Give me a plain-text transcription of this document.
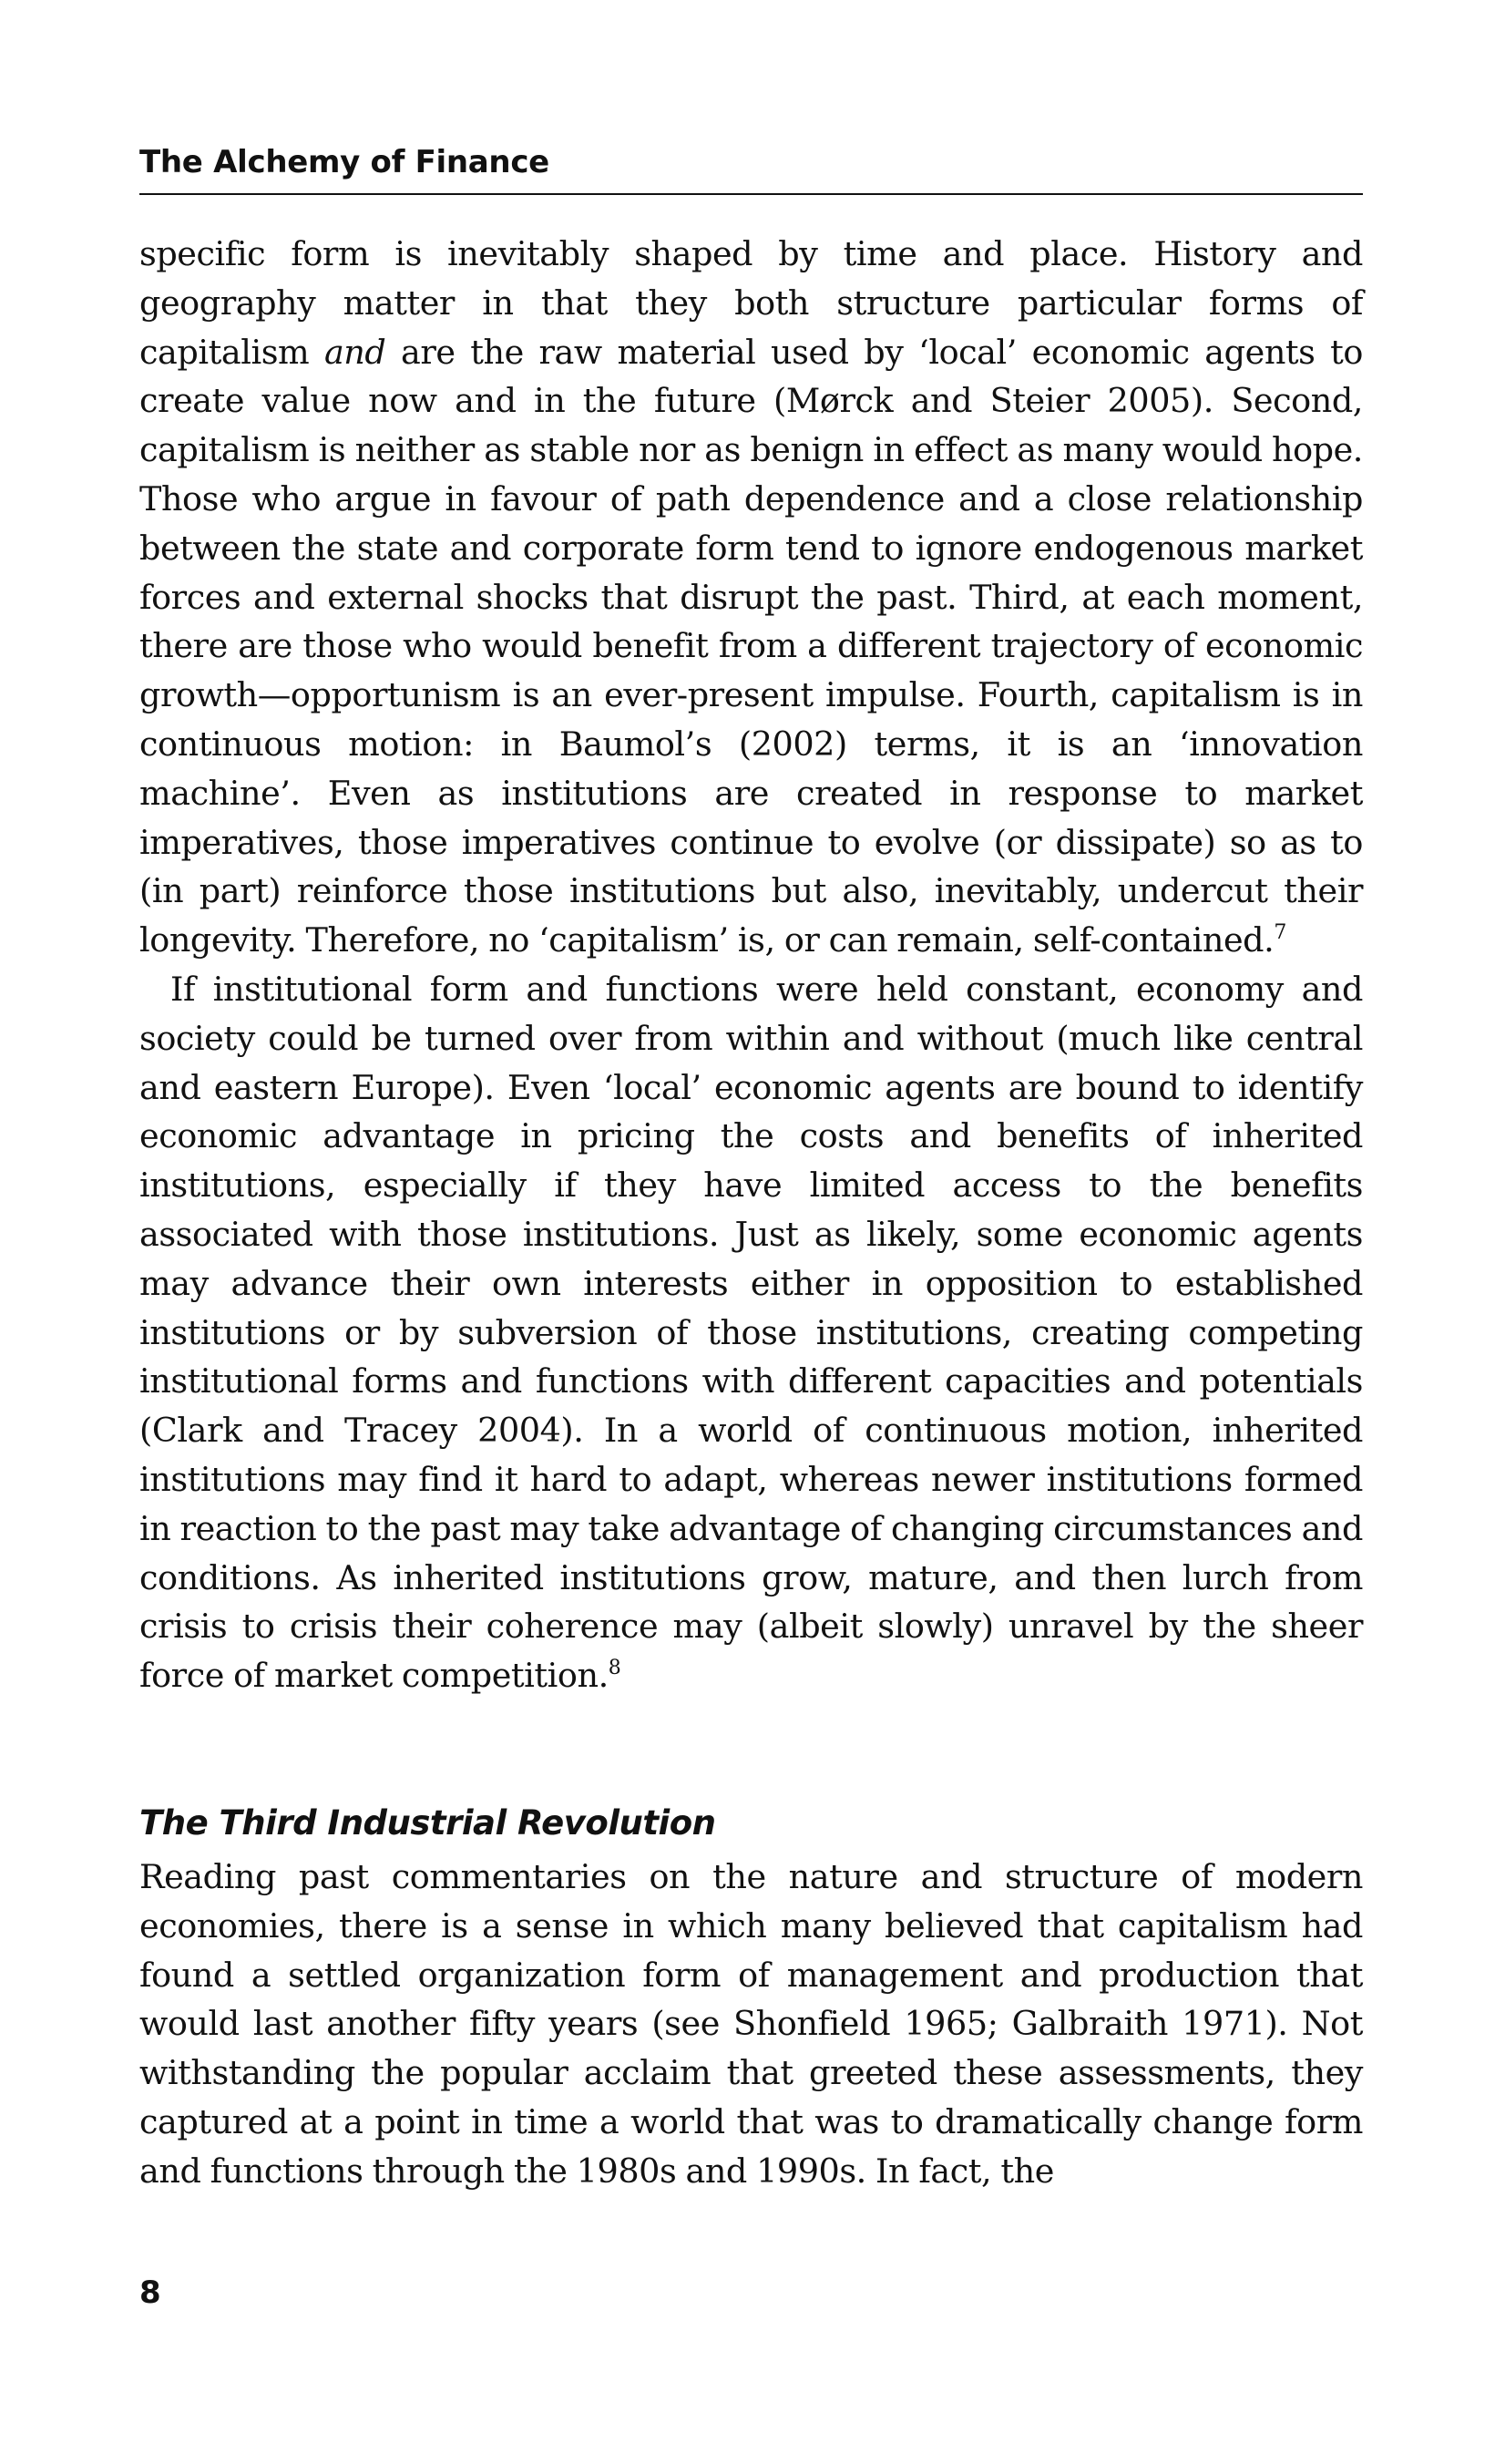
The Alchemy of Finance

specific form is inevitably shaped by time and place. History and geography matter in that they both structure particular forms of capitalism and are the raw material used by ‘local’ economic agents to create value now and in the future (Mørck and Steier 2005). Second, capitalism is neither as stable nor as benign in effect as many would hope. Those who argue in favour of path dependence and a close relationship between the state and corporate form tend to ignore endogenous market forces and external shocks that disrupt the past. Third, at each moment, there are those who would benefit from a different trajectory of economic growth—opportunism is an ever-present impulse. Fourth, capitalism is in continuous motion: in Baumol’s (2002) terms, it is an ‘innovation machine’. Even as institutions are created in response to market imperatives, those imperatives continue to evolve (or dissipate) so as to (in part) reinforce those institutions but also, inevitably, undercut their longevity. Therefore, no ‘capitalism’ is, or can remain, self-contained.$^7$

If institutional form and functions were held constant, economy and society could be turned over from within and without (much like central and eastern Europe). Even ‘local’ economic agents are bound to identify economic advantage in pricing the costs and benefits of inherited institutions, especially if they have limited access to the benefits associated with those institutions. Just as likely, some economic agents may advance their own interests either in opposition to established institutions or by subversion of those institutions, creating competing institutional forms and functions with different capacities and potentials (Clark and Tracey 2004). In a world of continuous motion, inherited institutions may find it hard to adapt, whereas newer institutions formed in reaction to the past may take advantage of changing circumstances and conditions. As inherited institutions grow, mature, and then lurch from crisis to crisis their coherence may (albeit slowly) unravel by the sheer force of market competition.$^8$

The Third Industrial Revolution

Reading past commentaries on the nature and structure of modern economies, there is a sense in which many believed that capitalism had found a settled organization form of management and production that would last another fifty years (see Shonfield 1965; Galbraith 1971). Not withstanding the popular acclaim that greeted these assessments, they captured at a point in time a world that was to dramatically change form and functions through the 1980s and 1990s. In fact, the

8
